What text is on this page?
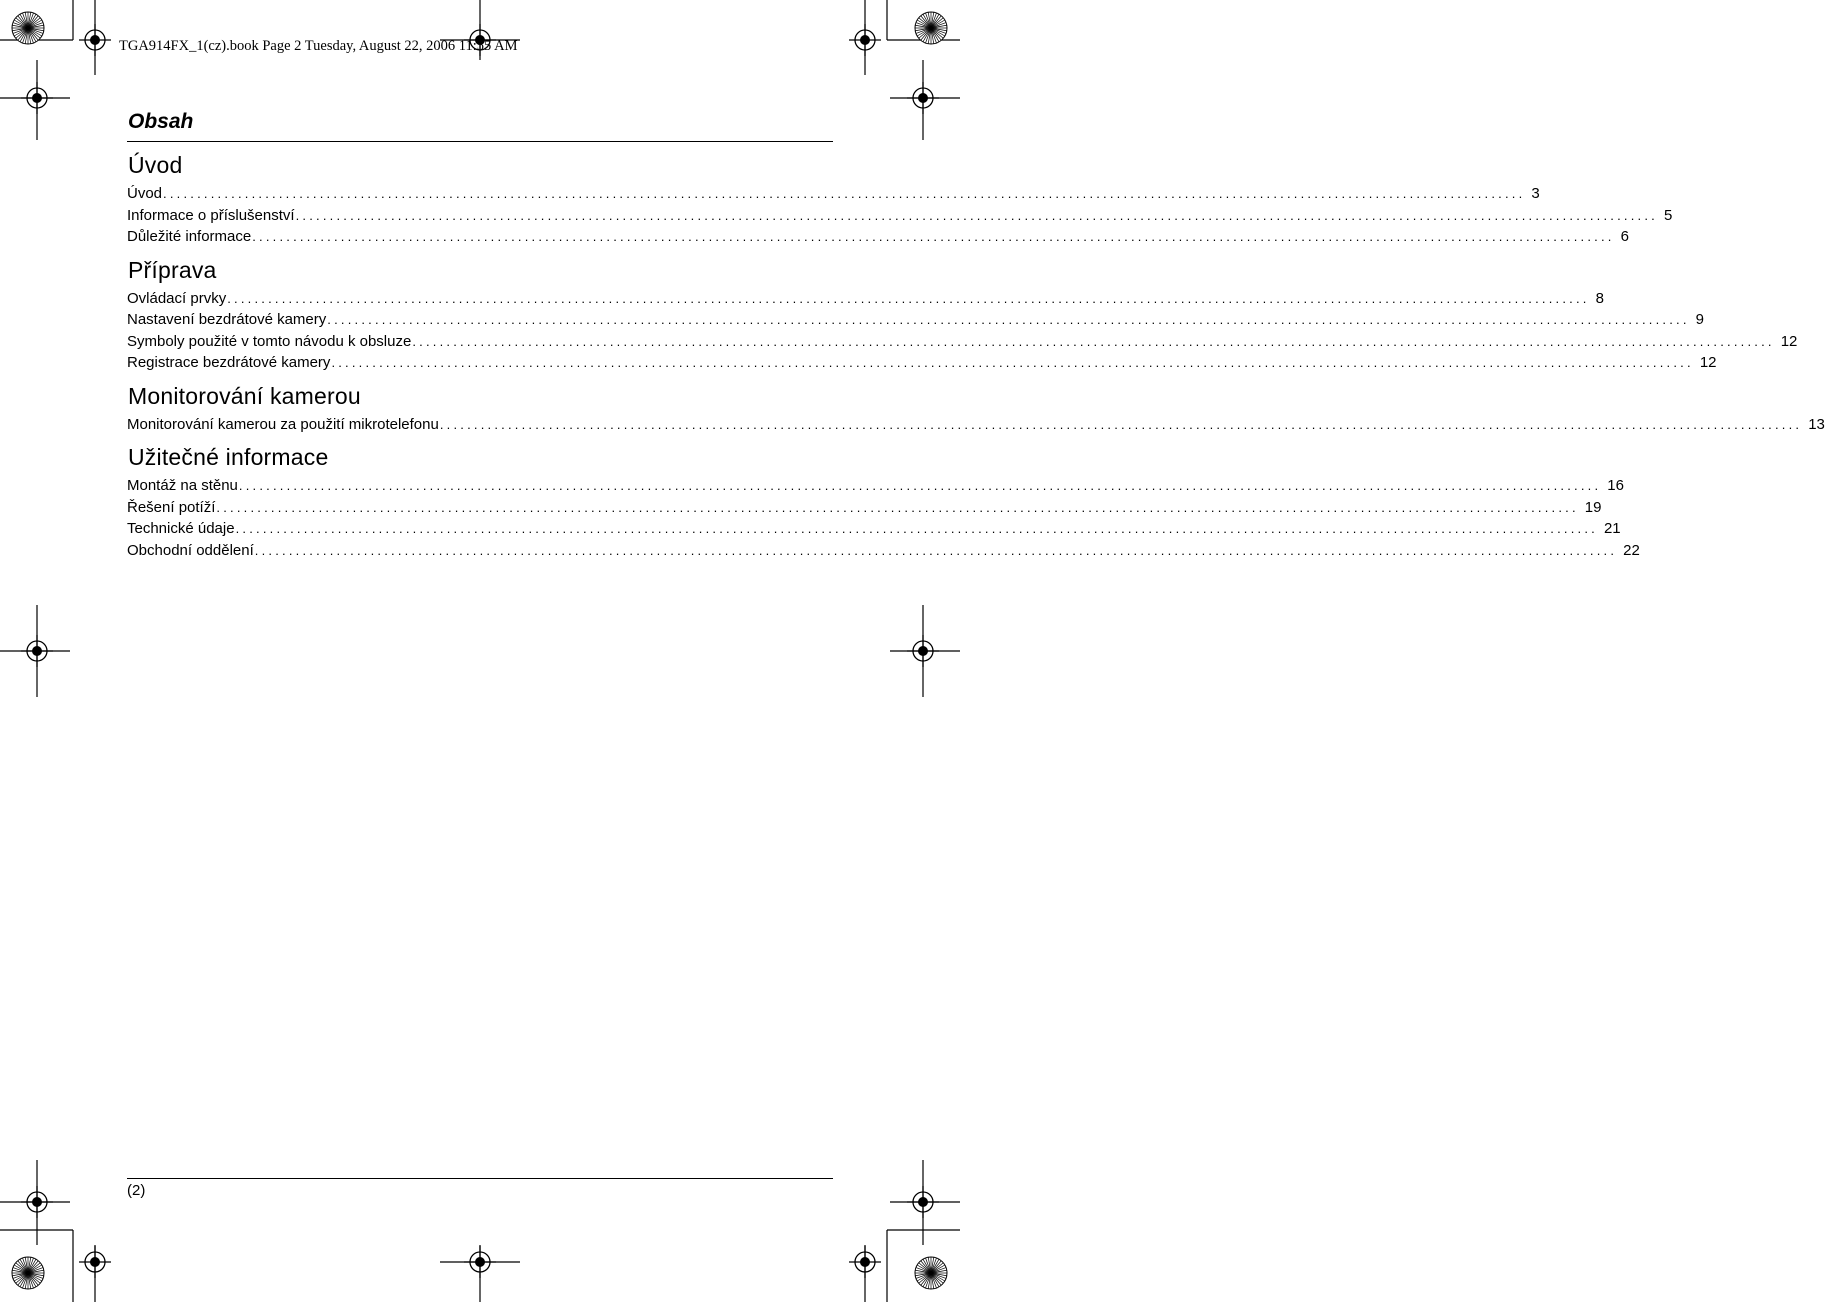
TGA914FX_1(cz).book Page 2 Tuesday, August 22, 2006 11:55 AM
Obsah
Úvod
Úvod ........................................................................................................................................................................................................ 3
Informace o příslušenství ........................................................................................................................................................................................................ 5
Důležité informace ........................................................................................................................................................................................................ 6
Příprava
Ovládací prvky ........................................................................................................................................................................................................ 8
Nastavení bezdrátové kamery ........................................................................................................................................................................................................ 9
Symboly použité v tomto návodu k obsluze ........................................................................................................................................................................................................ 12
Registrace bezdrátové kamery ........................................................................................................................................................................................................ 12
Monitorování kamerou
Monitorování kamerou za použití mikrotelefonu ........................................................................................................................................................................................................ 13
Užitečné informace
Montáž na stěnu ........................................................................................................................................................................................................ 16
Řešení potíží ........................................................................................................................................................................................................ 19
Technické údaje ........................................................................................................................................................................................................ 21
Obchodní oddělení ........................................................................................................................................................................................................ 22
(2)
